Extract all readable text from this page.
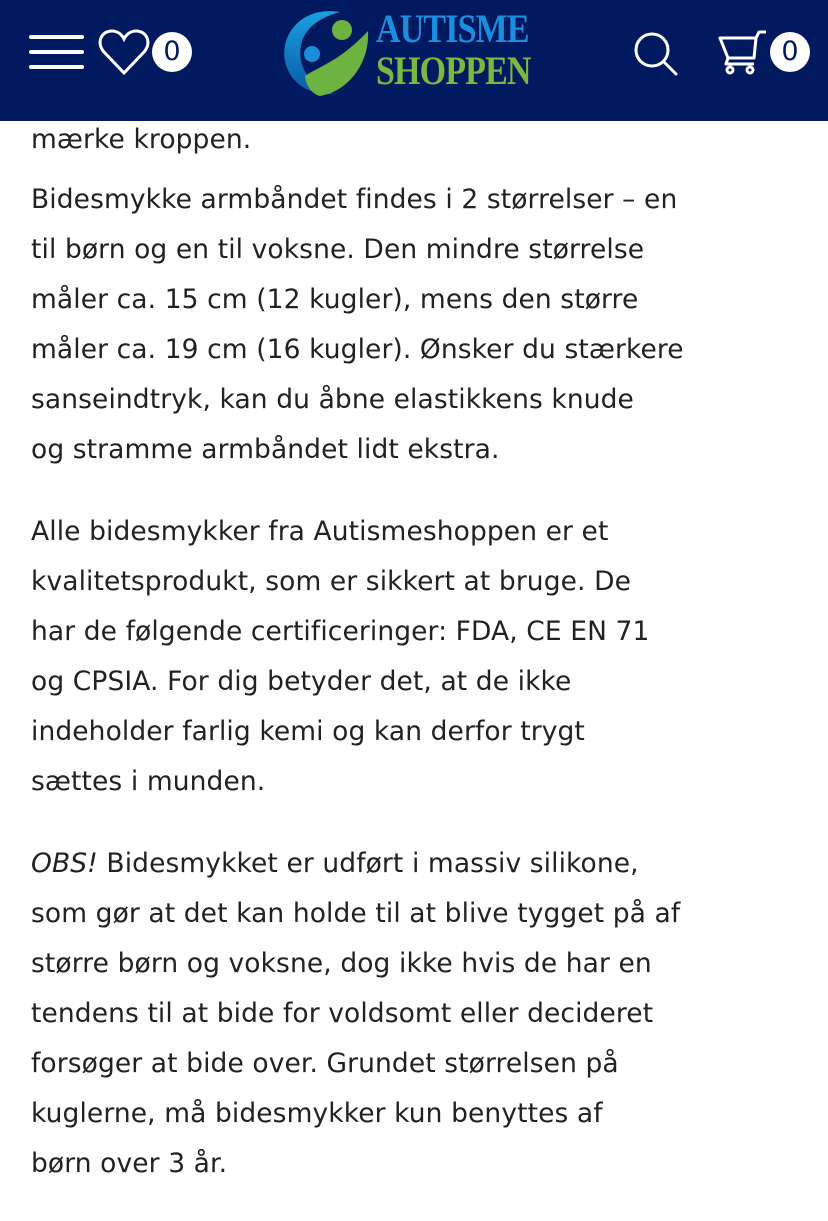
0
AUTISME
SHOPPEN	0

mærke kroppen.

Bidesmykke armbåndet findes i 2 størrelser – en
til børn og en til voksne. Den mindre størrelse
måler ca. 15 cm (12 kugler), mens den større
måler ca. 19 cm (16 kugler). Ønsker du stærkere
sanseindtryk, kan du åbne elastikkens knude
og stramme armbåndet lidt ekstra.

Alle bidesmykker fra Autismeshoppen er et
kvalitetsprodukt, som er sikkert at bruge. De
har de følgende certificeringer: FDA, CE EN 71
og CPSIA. For dig betyder det, at de ikke
indeholder farlig kemi og kan derfor trygt
sættes i munden.

OBS! Bidesmykket er udført i massiv silikone,
som gør at det kan holde til at blive tygget på af
større børn og voksne, dog ikke hvis de har en
tendens til at bide for voldsomt eller decideret
forsøger at bide over. Grundet størrelsen på
kuglerne, må bidesmykker kun benyttes af
børn over 3 år.
